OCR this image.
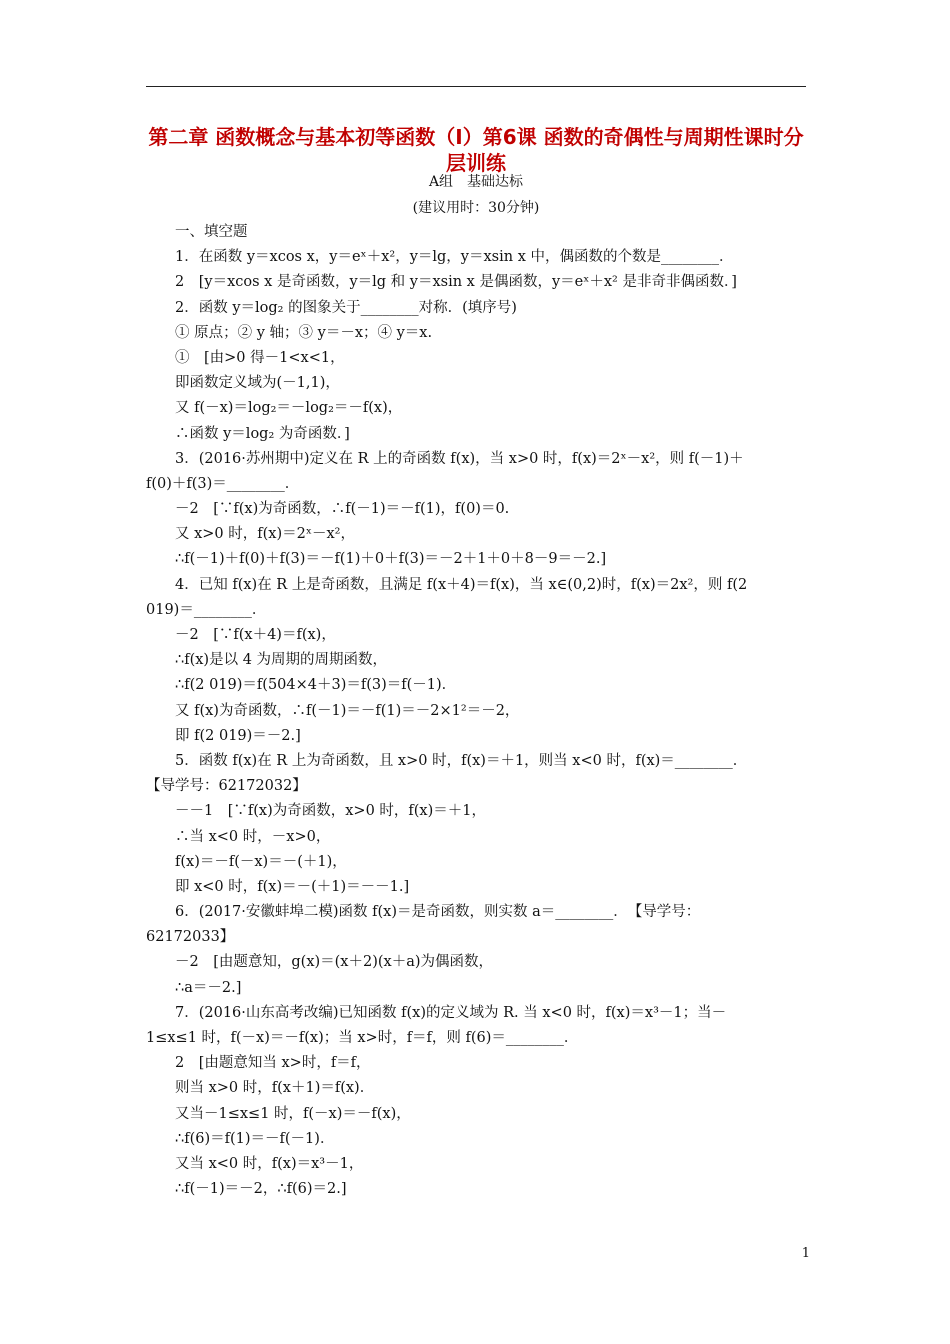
第二章 函数概念与基本初等函数（Ⅰ）第6课 函数的奇偶性与周期性课时分层训练
A组　基础达标
(建议用时：30分钟)
一、填空题
1．在函数 y＝xcos x，y＝eˣ＋x²，y＝lg，y＝xsin x 中，偶函数的个数是________．
2　[y＝xcos x 是奇函数，y＝lg 和 y＝xsin x 是偶函数，y＝eˣ＋x² 是非奇非偶函数．]
2．函数 y＝log₂ 的图象关于________对称．(填序号)
① 原点；② y 轴；③ y＝－x；④ y＝x.
①　[由>0 得－1<x<1，
即函数定义域为(－1,1)，
又 f(－x)＝log₂＝－log₂＝－f(x)，
∴函数 y＝log₂ 为奇函数．]
3．(2016·苏州期中)定义在 R 上的奇函数 f(x)，当 x>0 时，f(x)＝2ˣ－x²，则 f(－1)＋
f(0)＋f(3)＝________．
－2　[∵f(x)为奇函数，∴f(－1)＝－f(1)，f(0)＝0.
又 x>0 时，f(x)＝2ˣ－x²，
∴f(－1)＋f(0)＋f(3)＝－f(1)＋0＋f(3)＝－2＋1＋0＋8－9＝－2.]
4．已知 f(x)在 R 上是奇函数，且满足 f(x＋4)＝f(x)，当 x∈(0,2)时，f(x)＝2x²，则 f(2
019)＝________．
－2　[∵f(x＋4)＝f(x)，
∴f(x)是以 4 为周期的周期函数，
∴f(2 019)＝f(504×4＋3)＝f(3)＝f(－1)．
又 f(x)为奇函数，∴f(－1)＝－f(1)＝－2×1²＝－2，
即 f(2 019)＝－2.]
5．函数 f(x)在 R 上为奇函数，且 x>0 时，f(x)＝＋1，则当 x<0 时，f(x)＝________．
【导学号：62172032】
－－1　[∵f(x)为奇函数，x>0 时，f(x)＝＋1，
∴当 x<0 时，－x>0，
f(x)＝－f(－x)＝－(＋1)，
即 x<0 时，f(x)＝－(＋1)＝－－1.]
6．(2017·安徽蚌埠二模)函数 f(x)＝是奇函数，则实数 a＝________．　【导学号：
62172033】
－2　[由题意知，g(x)＝(x＋2)(x＋a)为偶函数，
∴a＝－2.]
7．(2016·山东高考改编)已知函数 f(x)的定义域为 R. 当 x<0 时，f(x)＝x³－1；当－
1≤x≤1 时，f(－x)＝－f(x)；当 x>时，f＝f，则 f(6)＝________．
2　[由题意知当 x>时，f＝f，
则当 x>0 时，f(x＋1)＝f(x)．
又当－1≤x≤1 时，f(－x)＝－f(x)，
∴f(6)＝f(1)＝－f(－1)．
又当 x<0 时，f(x)＝x³－1，
∴f(－1)＝－2，∴f(6)＝2.]
1
